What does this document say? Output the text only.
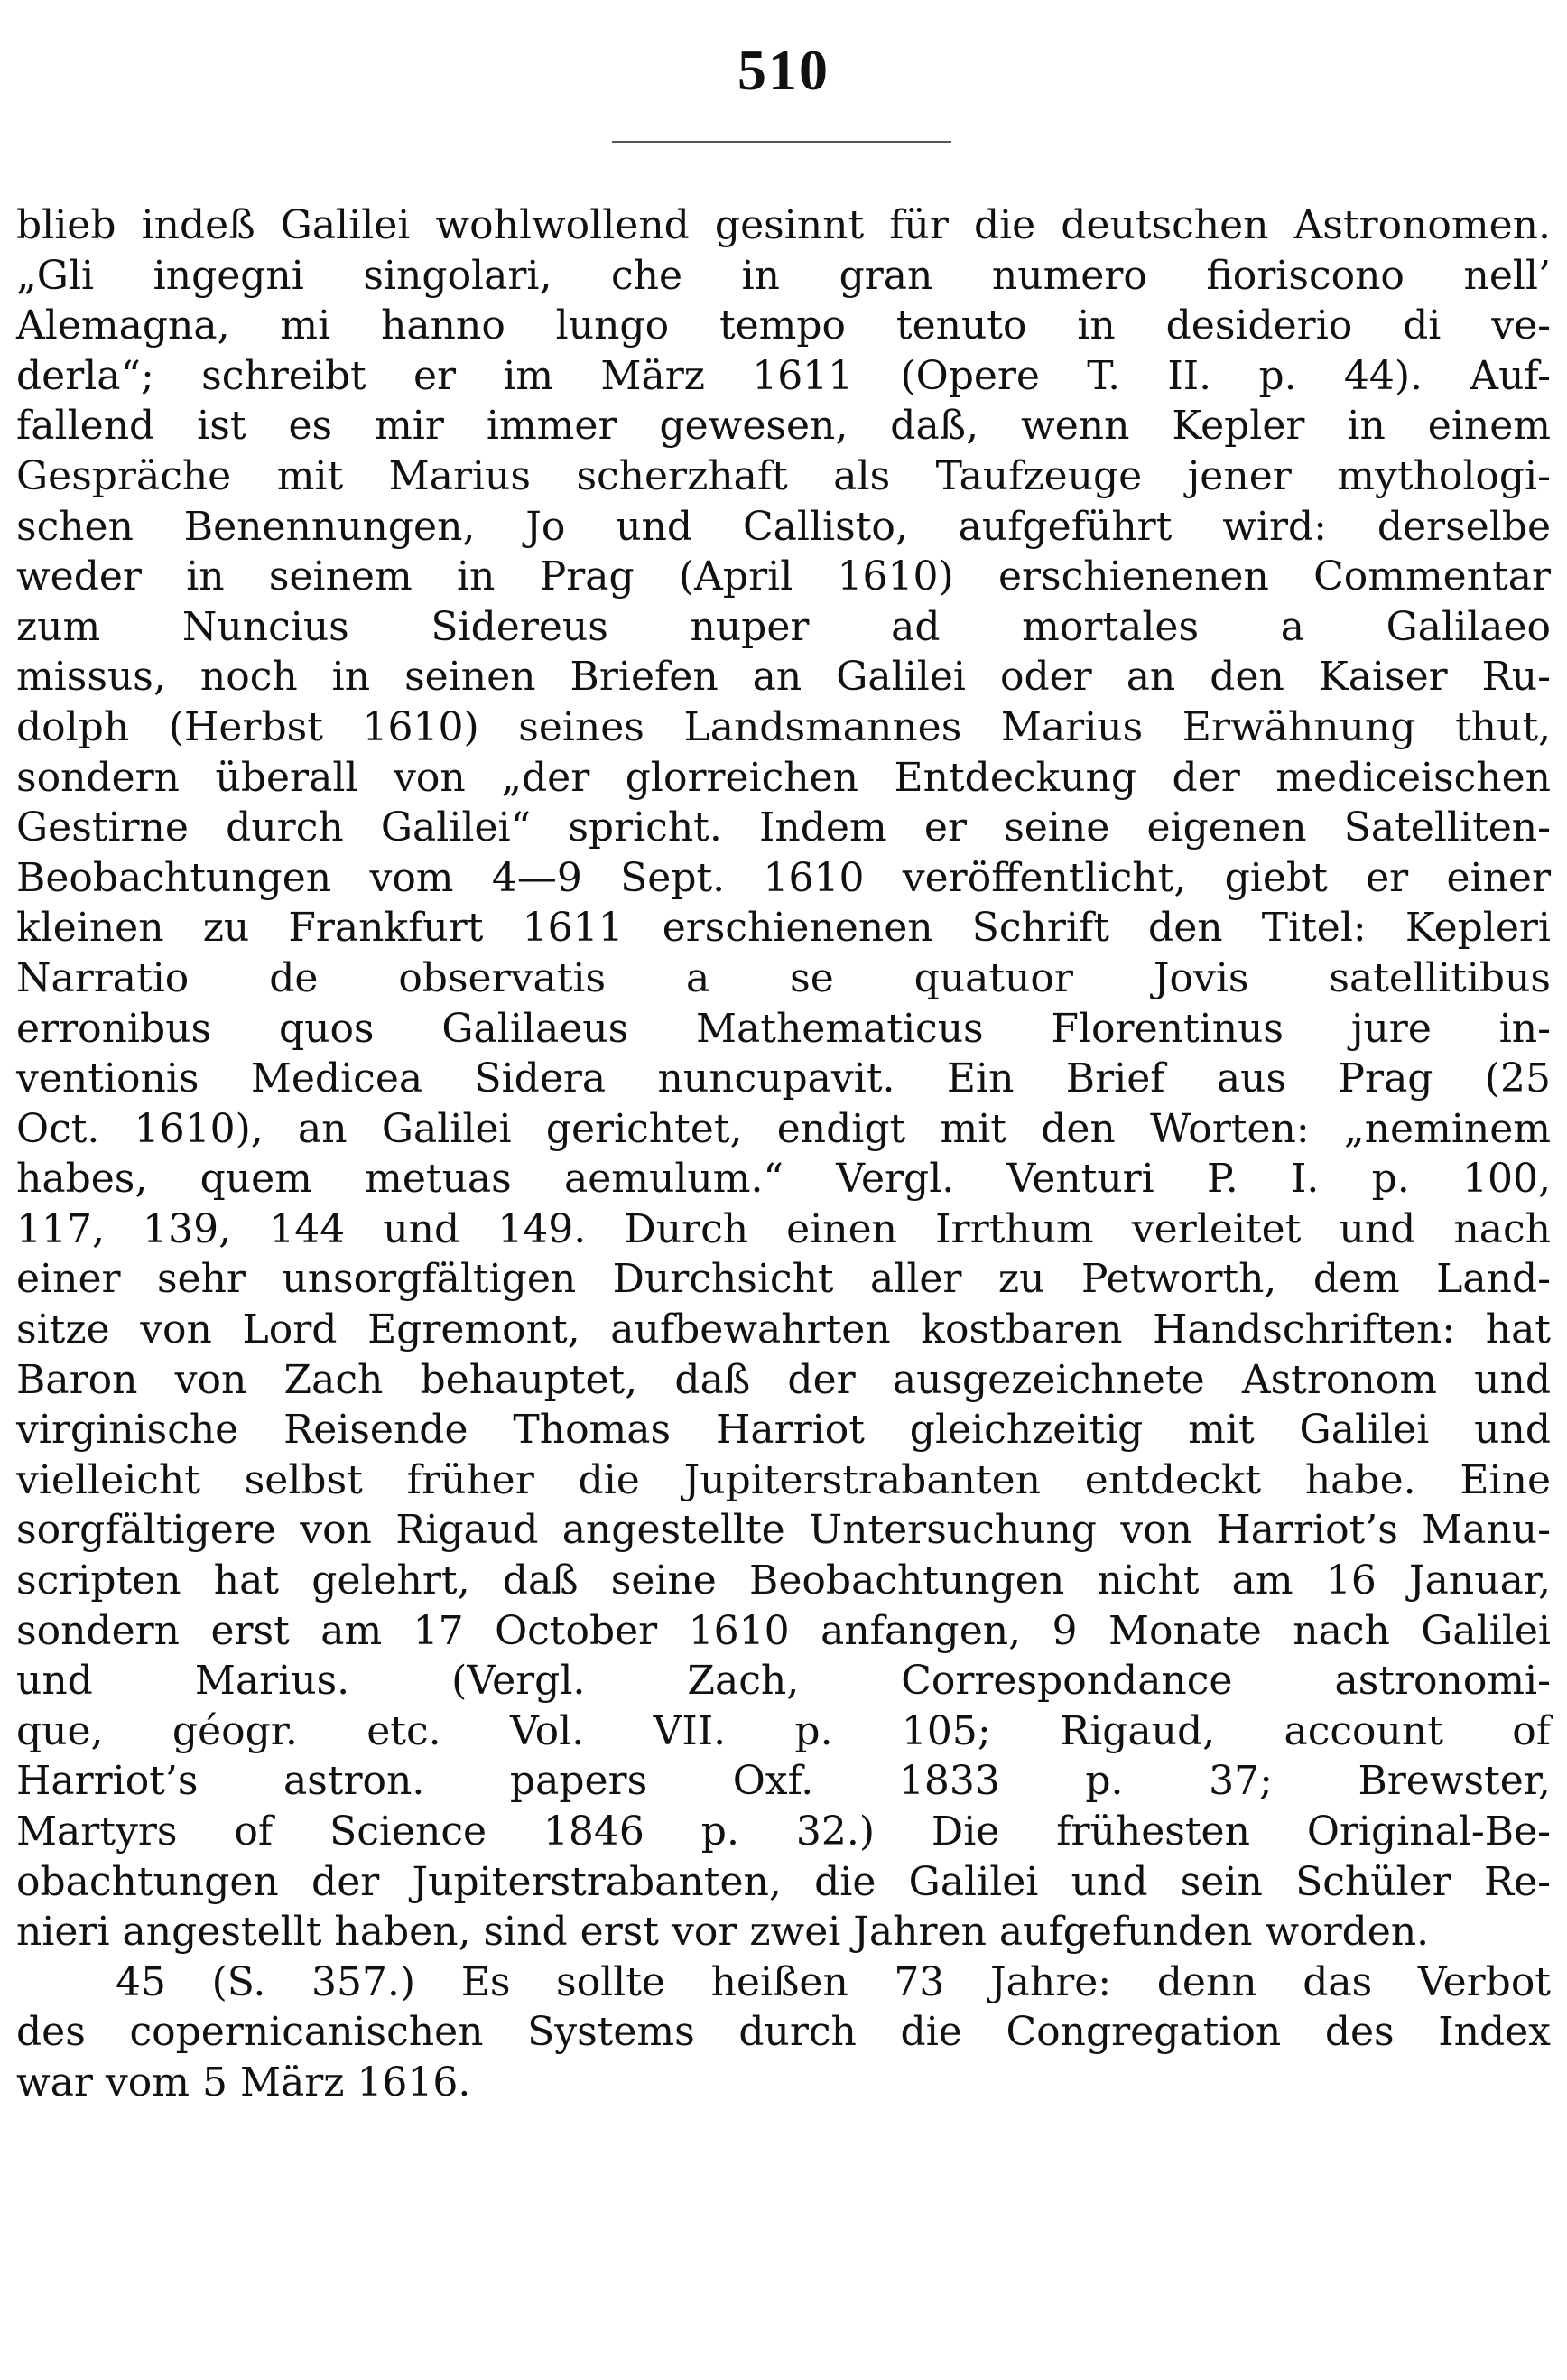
510
blieb indeß Galilei wohlwollend gesinnt für die deutschen Astronomen.
„Gli ingegni singolari, che in gran numero fioriscono nell’
Alemagna, mi hanno lungo tempo tenuto in desiderio di ve-
derla“; schreibt er im März 1611 (Opere T. II. p. 44). Auf-
fallend ist es mir immer gewesen, daß, wenn Kepler in einem
Gespräche mit Marius scherzhaft als Taufzeuge jener mythologi-
schen Benennungen, Jo und Callisto, aufgeführt wird: derselbe
weder in seinem in Prag (April 1610) erschienenen Commentar
zum Nuncius Sidereus nuper ad mortales a Galilaeo
missus, noch in seinen Briefen an Galilei oder an den Kaiser Ru-
dolph (Herbst 1610) seines Landsmannes Marius Erwähnung thut,
sondern überall von „der glorreichen Entdeckung der mediceischen
Gestirne durch Galilei“ spricht. Indem er seine eigenen Satelliten-
Beobachtungen vom 4—9 Sept. 1610 veröffentlicht, giebt er einer
kleinen zu Frankfurt 1611 erschienenen Schrift den Titel: Kepleri
Narratio de observatis a se quatuor Jovis satellitibus
erronibus quos Galilaeus Mathematicus Florentinus jure in-
ventionis Medicea Sidera nuncupavit. Ein Brief aus Prag (25
Oct. 1610), an Galilei gerichtet, endigt mit den Worten: „neminem
habes, quem metuas aemulum.“ Vergl. Venturi P. I. p. 100,
117, 139, 144 und 149. Durch einen Irrthum verleitet und nach
einer sehr unsorgfältigen Durchsicht aller zu Petworth, dem Land-
sitze von Lord Egremont, aufbewahrten kostbaren Handschriften: hat
Baron von Zach behauptet, daß der ausgezeichnete Astronom und
virginische Reisende Thomas Harriot gleichzeitig mit Galilei und
vielleicht selbst früher die Jupiterstrabanten entdeckt habe. Eine
sorgfältigere von Rigaud angestellte Untersuchung von Harriot’s Manu-
scripten hat gelehrt, daß seine Beobachtungen nicht am 16 Januar,
sondern erst am 17 October 1610 anfangen, 9 Monate nach Galilei
und Marius. (Vergl. Zach, Correspondance astronomi-
que, géogr. etc. Vol. VII. p. 105; Rigaud, account of
Harriot’s astron. papers Oxf. 1833 p. 37; Brewster,
Martyrs of Science 1846 p. 32.) Die frühesten Original-Be-
obachtungen der Jupiterstrabanten, die Galilei und sein Schüler Re-
nieri angestellt haben, sind erst vor zwei Jahren aufgefunden worden.
45 (S. 357.) Es sollte heißen 73 Jahre: denn das Verbot
des copernicanischen Systems durch die Congregation des Index
war vom 5 März 1616.
